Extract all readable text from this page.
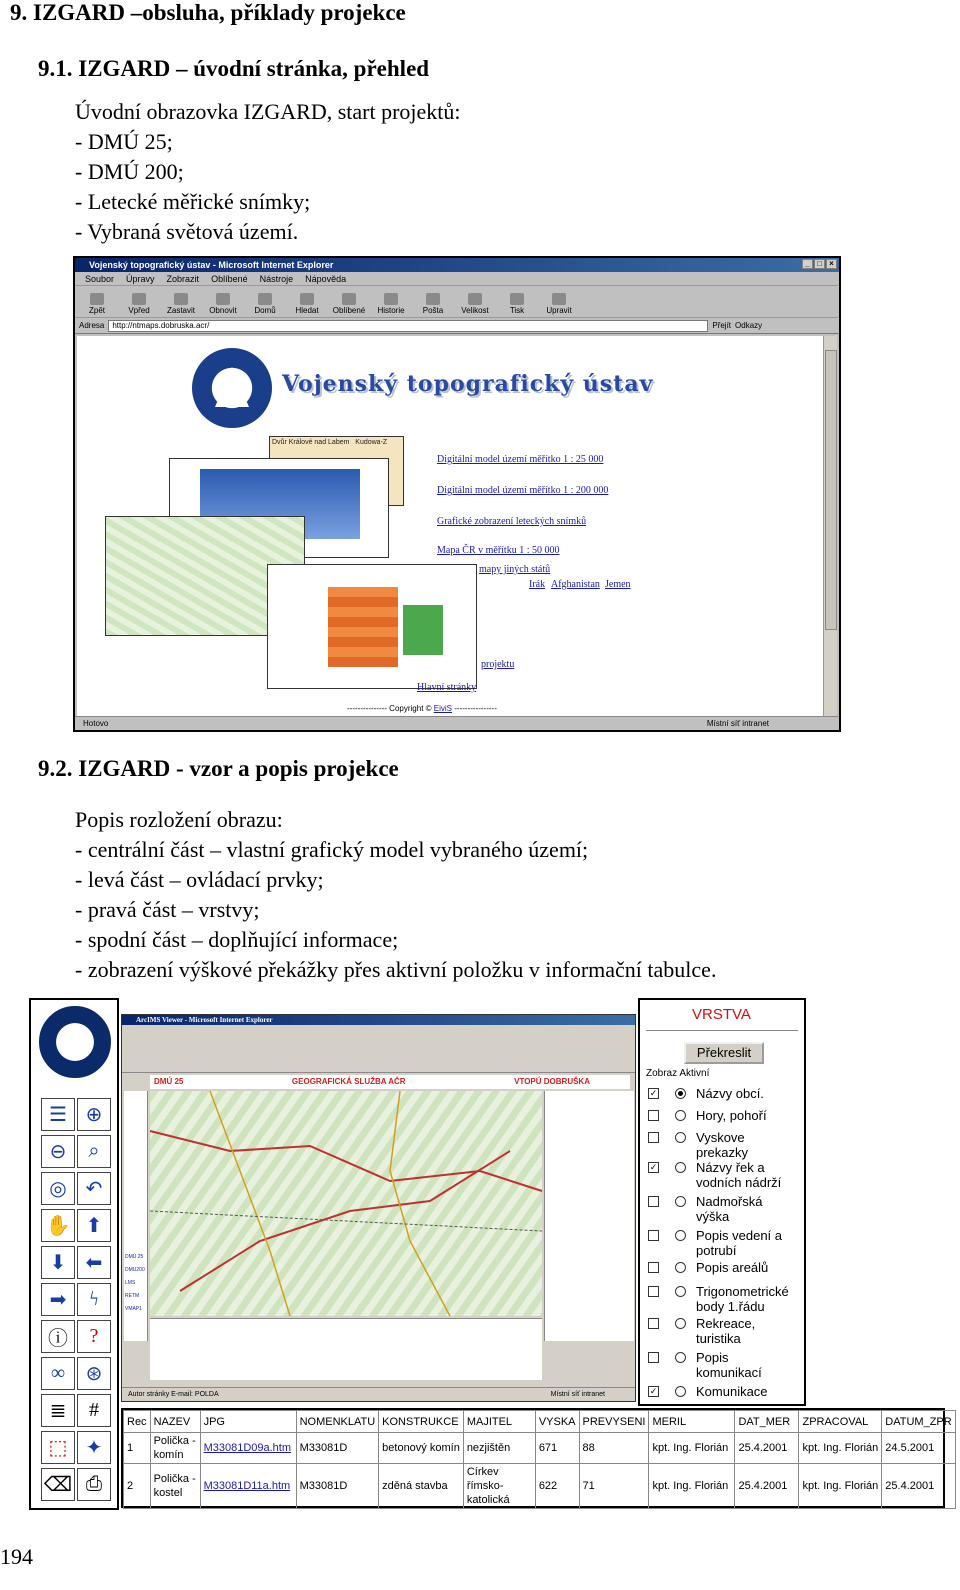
9. IZGARD –obsluha, příklady projekce
9.1. IZGARD – úvodní stránka, přehled
Úvodní obrazovka IZGARD, start projektů:
- DMÚ 25;
- DMÚ 200;
- Letecké měřické snímky;
- Vybraná světová území.
Vojenský topografický ústav - Microsoft Internet Explorer	_ □ ×
Soubor Úpravy Zobrazit Oblíbené Nástroje Nápověda
Zpět	Vpřed Zastavit Obnovit Domů Hledat Oblíbené Historie Pošta Velikost	Tisk	Upravit
Adresa	http://ntmaps.dobruska.acr/	Přejít Odkazy
Vojenský topografický ústav
Dvůr Králové nad Labem Kudowa-Z
Digitální model území měřítko 1 : 25 000
Digitální model území měřítko 1 : 200 000
Grafické zobrazení leteckých snímků
Mapa ČR v měřítku 1 : 50 000
mapy jiných států
Irák Afghanistan Jemen
projektu
Hlavní stránky
--------------- Copyright © EiviS ----------------
Hotovo	Místní síť intranet
9.2. IZGARD - vzor a popis projekce
Popis rozložení obrazu:
- centrální část – vlastní grafický model vybraného území;
- levá část – ovládací prvky;
- pravá část – vrstvy;
- spodní část – doplňující informace;
- zobrazení výškové překážky přes aktivní položku v informační tabulce.
☰ ⊕
⊖	⌕
◎ ↶
✋ ⬆
⬇ ⬅
➡	ϟ
ⓘ	?
∞	⊛
≣	#
⬚ ✦
⌫ ⎙
ArcIMS Viewer - Microsoft Internet Explorer
DMÚ 25	GEOGRAFICKÁ SLUŽBA AČR	VTOPÚ DOBRUŠKA
DMÚ 25
DMU200
LMS
RETM
VMAP1
Autor stránky E-mail: POLDA	Místní síť intranet
VRSTVA
Překreslit
Zobraz Aktivní
✓	Názvy obcí.
Hory, pohoří
Vyskove prekazky
✓	Názvy řek a vodních nádrží
Nadmořská výška
Popis vedení a potrubí
Popis areálů
Trigonometrické body 1.řádu
Rekreace, turistika
Popis komunikací
✓	Komunikace
Rec	NAZEV	JPG	NOMENKLATU	KONSTRUKCE	MAJITEL	VYSKA	PREVYSENI	MERIL	DAT_MER	ZPRACOVAL	DATUM_ZPR
1	Polička - komín	M33081D09a.htm	M33081D	betonový komín	nezjištěn	671	88	kpt. Ing. Florián	25.4.2001	kpt. Ing. Florián	24.5.2001
2	Polička - kostel	M33081D11a.htm	M33081D	zděná stavba	Církev římsko-katolická	622	71	kpt. Ing. Florián	25.4.2001	kpt. Ing. Florián	25.4.2001
194
